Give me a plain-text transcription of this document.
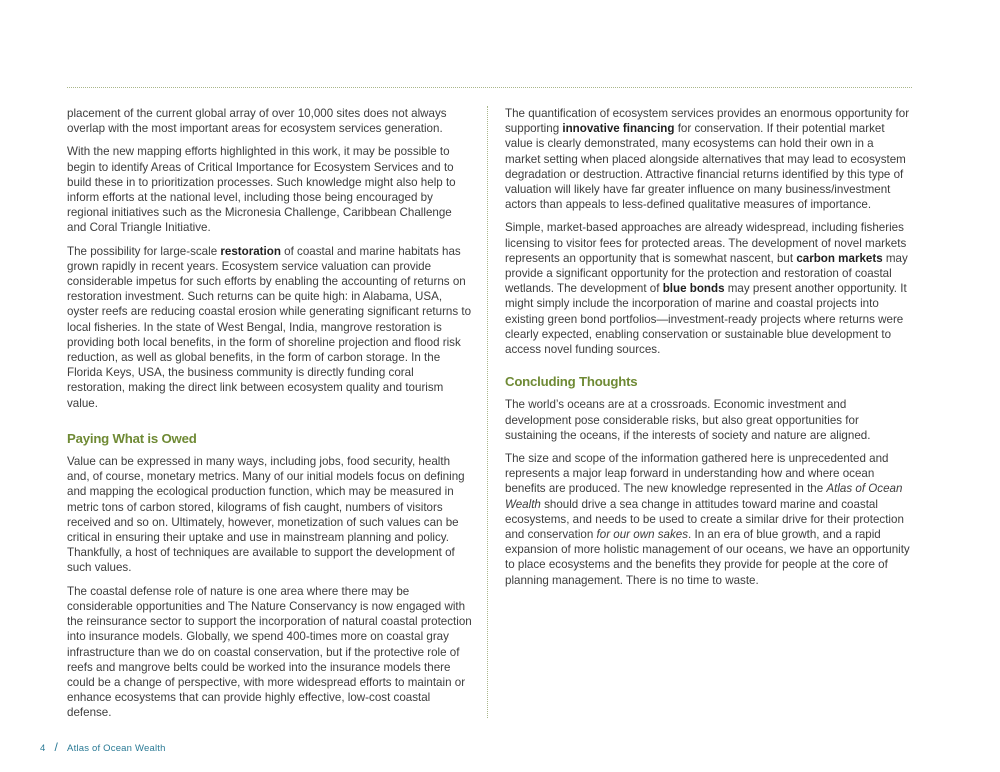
placement of the current global array of over 10,000 sites does not always overlap with the most important areas for ecosystem services generation.

With the new mapping efforts highlighted in this work, it may be possible to begin to identify Areas of Critical Importance for Ecosystem Services and to build these in to prioritization processes. Such knowledge might also help to inform efforts at the national level, including those being encouraged by regional initiatives such as the Micronesia Challenge, Caribbean Challenge and Coral Triangle Initiative.

The possibility for large-scale restoration of coastal and marine habitats has grown rapidly in recent years. Ecosystem service valuation can provide considerable impetus for such efforts by enabling the accounting of returns on restoration investment. Such returns can be quite high: in Alabama, USA, oyster reefs are reducing coastal erosion while generating significant returns to local fisheries. In the state of West Bengal, India, mangrove restoration is providing both local benefits, in the form of shoreline projection and flood risk reduction, as well as global benefits, in the form of carbon storage. In the Florida Keys, USA, the business community is directly funding coral restoration, making the direct link between ecosystem quality and tourism value.

Paying What is Owed

Value can be expressed in many ways, including jobs, food security, health and, of course, monetary metrics. Many of our initial models focus on defining and mapping the ecological production function, which may be measured in metric tons of carbon stored, kilograms of fish caught, numbers of visitors received and so on. Ultimately, however, monetization of such values can be critical in ensuring their uptake and use in mainstream planning and policy. Thankfully, a host of techniques are available to support the development of such values.

The coastal defense role of nature is one area where there may be considerable opportunities and The Nature Conservancy is now engaged with the reinsurance sector to support the incorporation of natural coastal protection into insurance models. Globally, we spend 400-times more on coastal gray infrastructure than we do on coastal conservation, but if the protective role of reefs and mangrove belts could be worked into the insurance models there could be a change of perspective, with more widespread efforts to maintain or enhance ecosystems that can provide highly effective, low-cost coastal defense.

The quantification of ecosystem services provides an enormous opportunity for supporting innovative financing for conservation. If their potential market value is clearly demonstrated, many ecosystems can hold their own in a market setting when placed alongside alternatives that may lead to ecosystem degradation or destruction. Attractive financial returns identified by this type of valuation will likely have far greater influence on many business/investment actors than appeals to less-defined qualitative measures of importance.

Simple, market-based approaches are already widespread, including fisheries licensing to visitor fees for protected areas. The development of novel markets represents an opportunity that is somewhat nascent, but carbon markets may provide a significant opportunity for the protection and restoration of coastal wetlands. The development of blue bonds may present another opportunity. It might simply include the incorporation of marine and coastal projects into existing green bond portfolios—investment-ready projects where returns were clearly expected, enabling conservation or sustainable blue development to access novel funding sources.

Concluding Thoughts

The world’s oceans are at a crossroads. Economic investment and development pose considerable risks, but also great opportunities for sustaining the oceans, if the interests of society and nature are aligned.

The size and scope of the information gathered here is unprecedented and represents a major leap forward in understanding how and where ocean benefits are produced. The new knowledge represented in the Atlas of Ocean Wealth should drive a sea change in attitudes toward marine and coastal ecosystems, and needs to be used to create a similar drive for their protection and conservation for our own sakes. In an era of blue growth, and a rapid expansion of more holistic management of our oceans, we have an opportunity to place ecosystems and the benefits they provide for people at the core of planning management. There is no time to waste.

4 / Atlas of Ocean Wealth
